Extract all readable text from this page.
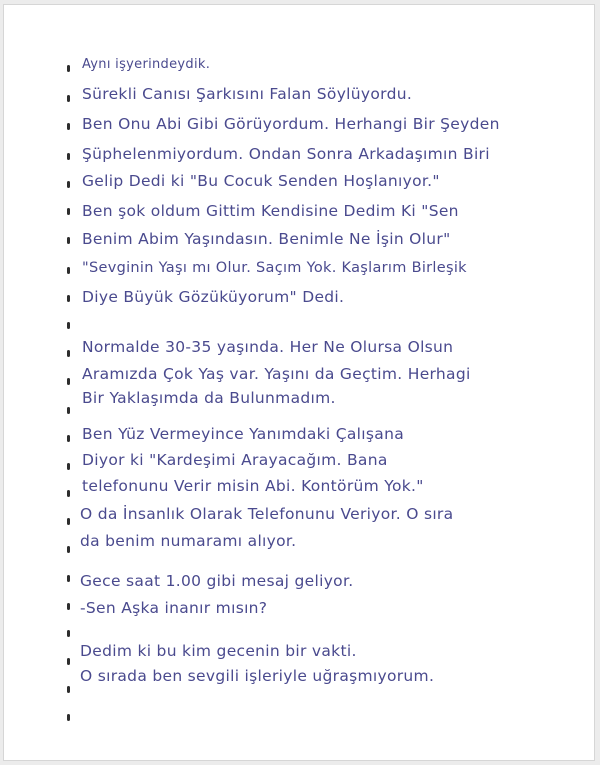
Aynı işyerindeydik.
Sürekli Canısı Şarkısını Falan Söylüyordu.
Ben Onu Abi Gibi Görüyordum. Herhangi Bir Şeyden
Şüphelenmiyordum. Ondan Sonra Arkadaşımın Biri
Gelip Dedi ki "Bu Cocuk Senden Hoşlanıyor."
Ben şok oldum Gittim Kendisine Dedim Ki "Sen
Benim Abim Yaşındasın. Benimle Ne İşin Olur"
"Sevginin Yaşı mı Olur. Saçım Yok. Kaşlarım Birleşik
Diye Büyük Gözüküyorum" Dedi.
Normalde 30-35 yaşında. Her Ne Olursa Olsun
Aramızda Çok Yaş var. Yaşını da Geçtim. Herhagi
Bir Yaklaşımda da Bulunmadım.
Ben Yüz Vermeyince Yanımdaki Çalışana
Diyor ki "Kardeşimi Arayacağım. Bana
telefonunu Verir misin Abi. Kontörüm Yok."
O da İnsanlık Olarak Telefonunu Veriyor. O sıra
da benim numaramı alıyor.
Gece saat 1.00 gibi mesaj geliyor.
-Sen Aşka inanır mısın?
Dedim ki bu kim gecenin bir vakti.
O sırada ben sevgili işleriyle uğraşmıyorum.
